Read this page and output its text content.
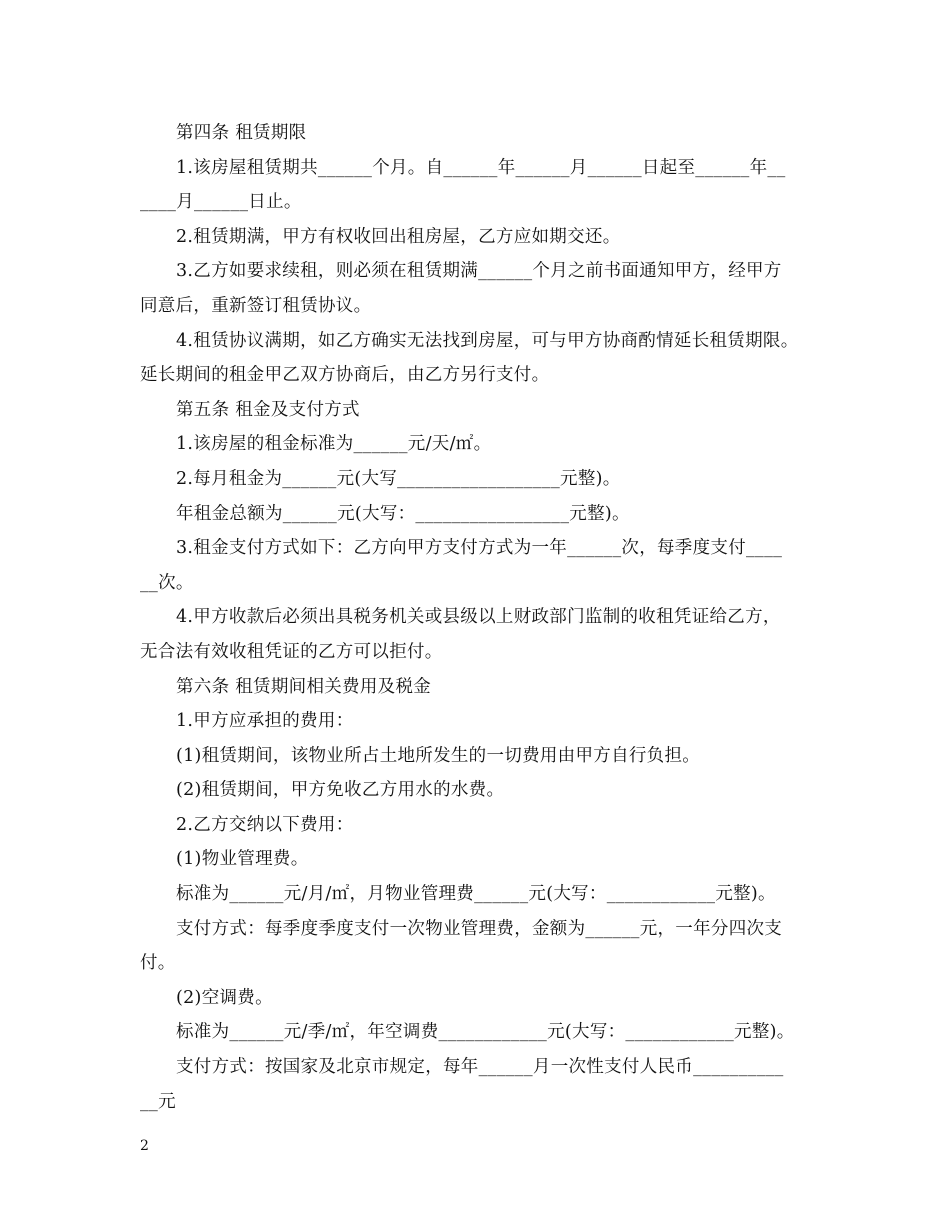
第四条 租赁期限
1.该房屋租赁期共______个月。自______年______月______日起至______年__
____月______日止。
2.租赁期满，甲方有权收回出租房屋，乙方应如期交还。
3.乙方如要求续租，则必须在租赁期满______个月之前书面通知甲方，经甲方
同意后，重新签订租赁协议。
4.租赁协议满期，如乙方确实无法找到房屋，可与甲方协商酌情延长租赁期限。
延长期间的租金甲乙双方协商后，由乙方另行支付。
第五条 租金及支付方式
1.该房屋的租金标准为______元/天/㎡。
2.每月租金为______元(大写__________________元整)。
年租金总额为______元(大写：_________________元整)。
3.租金支付方式如下：乙方向甲方支付方式为一年______次，每季度支付____
__次。
4.甲方收款后必须出具税务机关或县级以上财政部门监制的收租凭证给乙方，
无合法有效收租凭证的乙方可以拒付。
第六条 租赁期间相关费用及税金
1.甲方应承担的费用：
(1)租赁期间，该物业所占土地所发生的一切费用由甲方自行负担。
(2)租赁期间，甲方免收乙方用水的水费。
2.乙方交纳以下费用：
(1)物业管理费。
标准为______元/月/㎡，月物业管理费______元(大写：____________元整)。
支付方式：每季度季度支付一次物业管理费，金额为______元，一年分四次支
付。
(2)空调费。
标准为______元/季/㎡，年空调费____________元(大写：____________元整)。
支付方式：按国家及北京市规定，每年______月一次性支付人民币__________
__元
2
